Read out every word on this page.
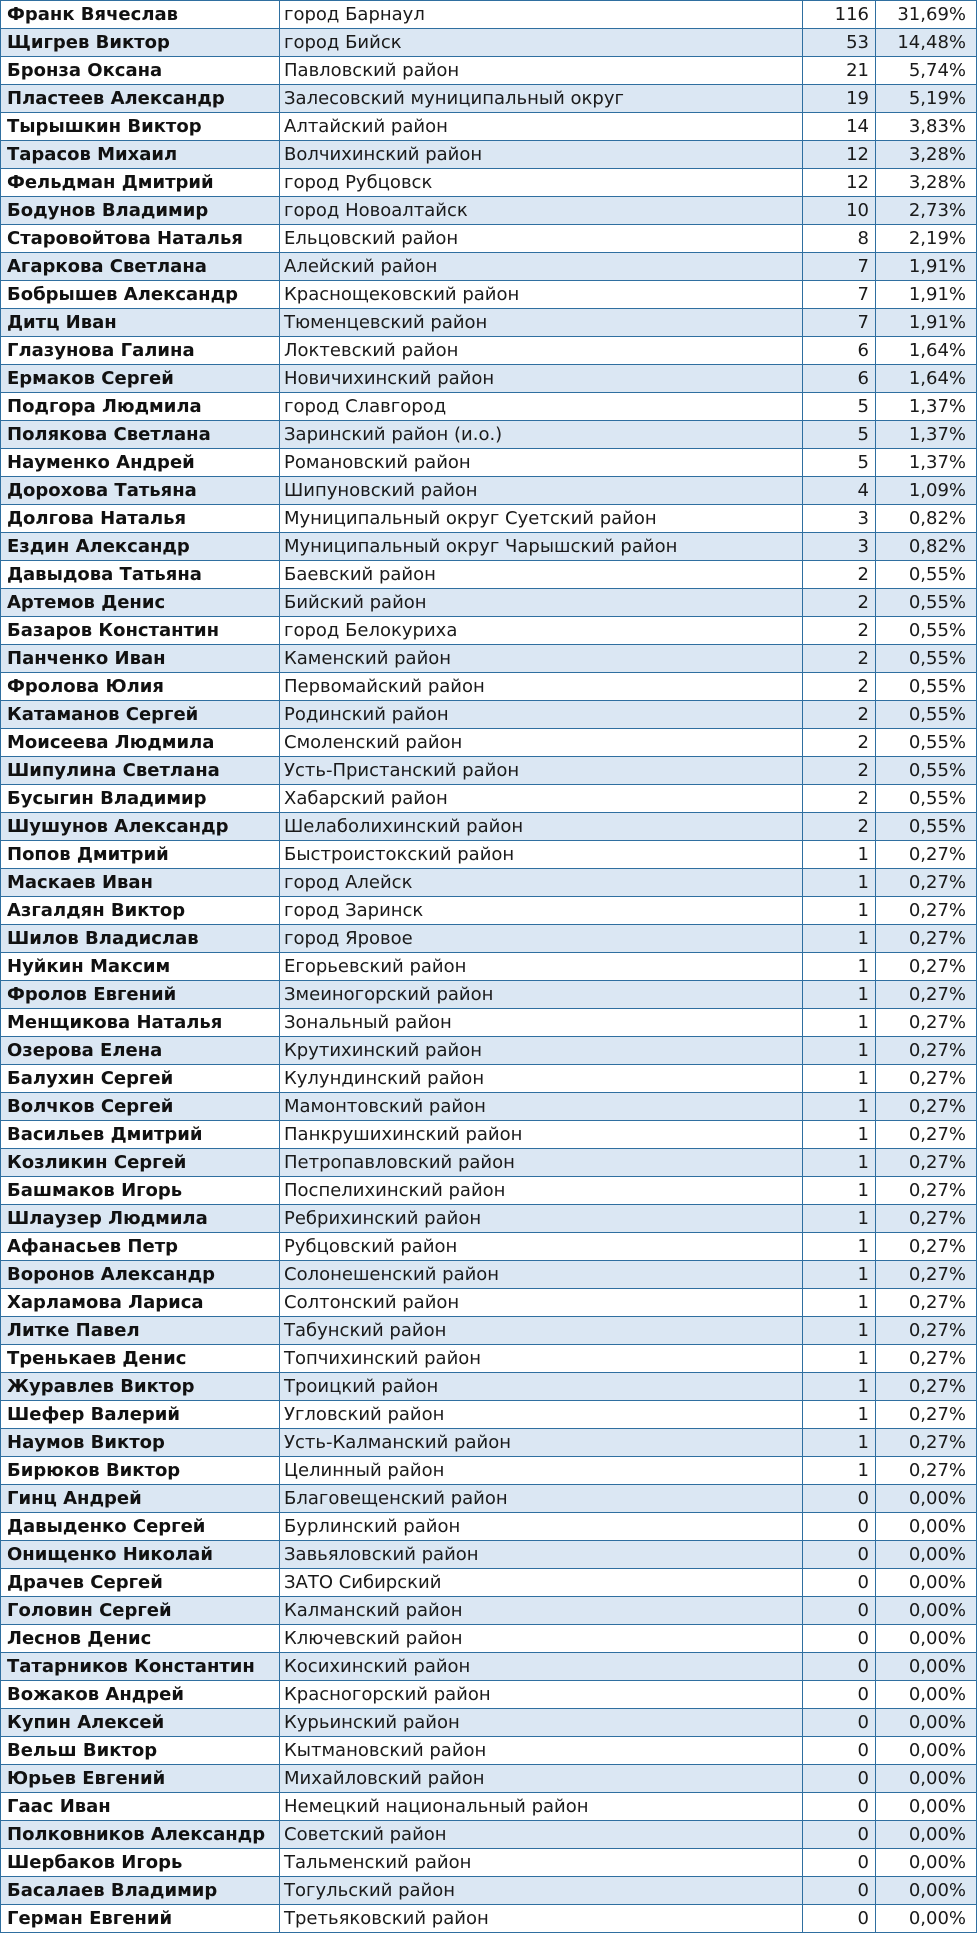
Франк Вячеслав	город Барнаул	116	31,69%
Щигрев Виктор	город Бийск	53	14,48%
Бронза Оксана	Павловский район	21	5,74%
Пластеев Александр	Залесовский муниципальный округ	19	5,19%
Тырышкин Виктор	Алтайский район	14	3,83%
Тарасов Михаил	Волчихинский район	12	3,28%
Фельдман Дмитрий	город Рубцовск	12	3,28%
Бодунов Владимир	город Новоалтайск	10	2,73%
Старовойтова Наталья	Ельцовский район	8	2,19%
Агаркова Светлана	Алейский район	7	1,91%
Бобрышев Александр	Краснощековский район	7	1,91%
Дитц Иван	Тюменцевский район	7	1,91%
Глазунова Галина	Локтевский район	6	1,64%
Ермаков Сергей	Новичихинский район	6	1,64%
Подгора Людмила	город Славгород	5	1,37%
Полякова Светлана	Заринский район (и.о.)	5	1,37%
Науменко Андрей	Романовский район	5	1,37%
Дорохова Татьяна	Шипуновский район	4	1,09%
Долгова Наталья	Муниципальный округ Суетский район	3	0,82%
Ездин Александр	Муниципальный округ Чарышский район	3	0,82%
Давыдова Татьяна	Баевский район	2	0,55%
Артемов Денис	Бийский район	2	0,55%
Базаров Константин	город Белокуриха	2	0,55%
Панченко Иван	Каменский район	2	0,55%
Фролова Юлия	Первомайский район	2	0,55%
Катаманов Сергей	Родинский район	2	0,55%
Моисеева Людмила	Смоленский район	2	0,55%
Шипулина Светлана	Усть-Пристанский район	2	0,55%
Бусыгин Владимир	Хабарский район	2	0,55%
Шушунов Александр	Шелаболихинский район	2	0,55%
Попов Дмитрий	Быстроистокский район	1	0,27%
Маскаев Иван	город Алейск	1	0,27%
Азгалдян Виктор	город Заринск	1	0,27%
Шилов Владислав	город Яровое	1	0,27%
Нуйкин Максим	Егорьевский район	1	0,27%
Фролов Евгений	Змеиногорский район	1	0,27%
Менщикова Наталья	Зональный район	1	0,27%
Озерова Елена	Крутихинский район	1	0,27%
Балухин Сергей	Кулундинский район	1	0,27%
Волчков Сергей	Мамонтовский район	1	0,27%
Васильев Дмитрий	Панкрушихинский район	1	0,27%
Козликин Сергей	Петропавловский район	1	0,27%
Башмаков Игорь	Поспелихинский район	1	0,27%
Шлаузер Людмила	Ребрихинский район	1	0,27%
Афанасьев Петр	Рубцовский район	1	0,27%
Воронов Александр	Солонешенский район	1	0,27%
Харламова Лариса	Солтонский район	1	0,27%
Литке Павел	Табунский район	1	0,27%
Тренькаев Денис	Топчихинский район	1	0,27%
Журавлев Виктор	Троицкий район	1	0,27%
Шефер Валерий	Угловский район	1	0,27%
Наумов Виктор	Усть-Калманский район	1	0,27%
Бирюков Виктор	Целинный район	1	0,27%
Гинц Андрей	Благовещенский район	0	0,00%
Давыденко Сергей	Бурлинский район	0	0,00%
Онищенко Николай	Завьяловский район	0	0,00%
Драчев Сергей	ЗАТО Сибирский	0	0,00%
Головин Сергей	Калманский район	0	0,00%
Леснов Денис	Ключевский район	0	0,00%
Татарников Константин	Косихинский район	0	0,00%
Вожаков Андрей	Красногорский район	0	0,00%
Купин Алексей	Курьинский район	0	0,00%
Вельш Виктор	Кытмановский район	0	0,00%
Юрьев Евгений	Михайловский район	0	0,00%
Гаас Иван	Немецкий национальный район	0	0,00%
Полковников Александр	Советский район	0	0,00%
Шербаков Игорь	Тальменский район	0	0,00%
Басалаев Владимир	Тогульский район	0	0,00%
Герман Евгений	Третьяковский район	0	0,00%
